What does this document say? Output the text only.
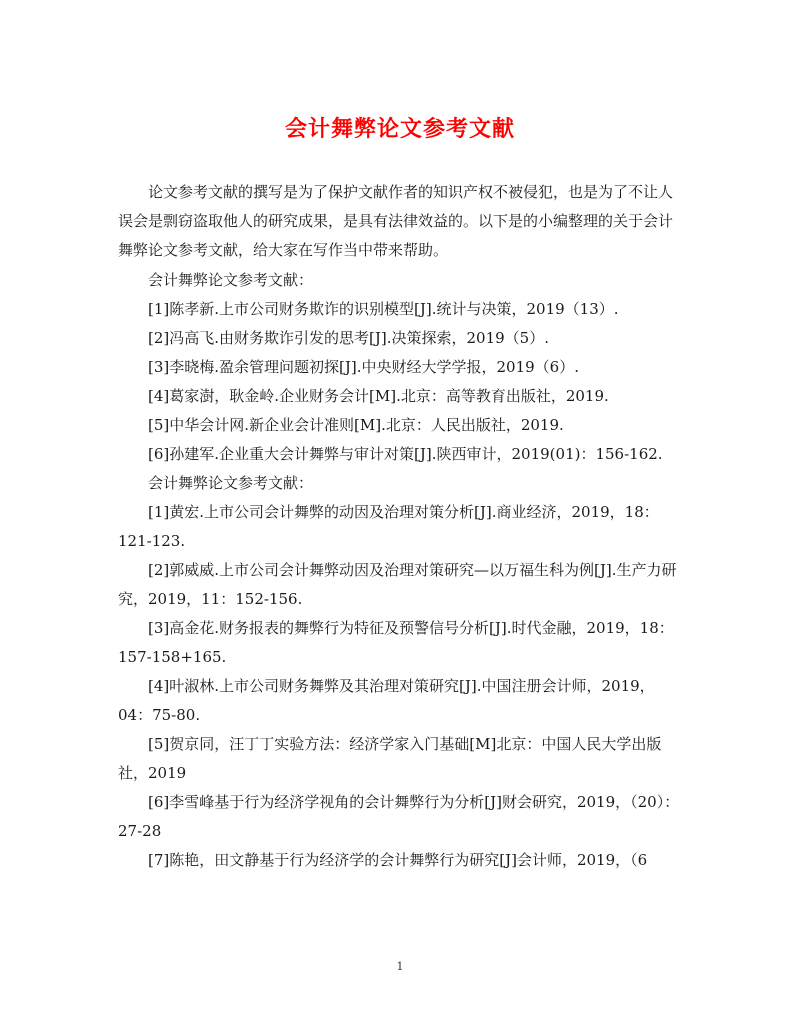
会计舞弊论文参考文献

论文参考文献的撰写是为了保护文献作者的知识产权不被侵犯，也是为了不让人误会是剽窃盗取他人的研究成果，是具有法律效益的。以下是的小编整理的关于会计舞弊论文参考文献，给大家在写作当中带来帮助。

会计舞弊论文参考文献：

[1]陈孝新.上市公司财务欺诈的识别模型[J].统计与决策，2019（13）.

[2]冯高飞.由财务欺诈引发的思考[J].决策探索，2019（5）.

[3]李晓梅.盈余管理问题初探[J].中央财经大学学报，2019（6）.

[4]葛家澍，耿金岭.企业财务会计[M].北京：高等教育出版社，2019.

[5]中华会计网.新企业会计准则[M].北京：人民出版社，2019.

[6]孙建军.企业重大会计舞弊与审计对策[J].陕西审计，2019(01)：156-162.

会计舞弊论文参考文献：

[1]黄宏.上市公司会计舞弊的动因及治理对策分析[J].商业经济，2019，18：121-123.

[2]郭威威.上市公司会计舞弊动因及治理对策研究—以万福生科为例[J].生产力研究，2019，11：152-156.

[3]高金花.财务报表的舞弊行为特征及预警信号分析[J].时代金融，2019，18：157-158+165.

[4]叶淑林.上市公司财务舞弊及其治理对策研究[J].中国注册会计师，2019，04：75-80.

[5]贺京同，汪丁丁实验方法：经济学家入门基础[M]北京：中国人民大学出版社，2019

[6]李雪峰基于行为经济学视角的会计舞弊行为分析[J]财会研究，2019，（20）：27-28

[7]陈艳，田文静基于行为经济学的会计舞弊行为研究[J]会计师，2019，（6

1
